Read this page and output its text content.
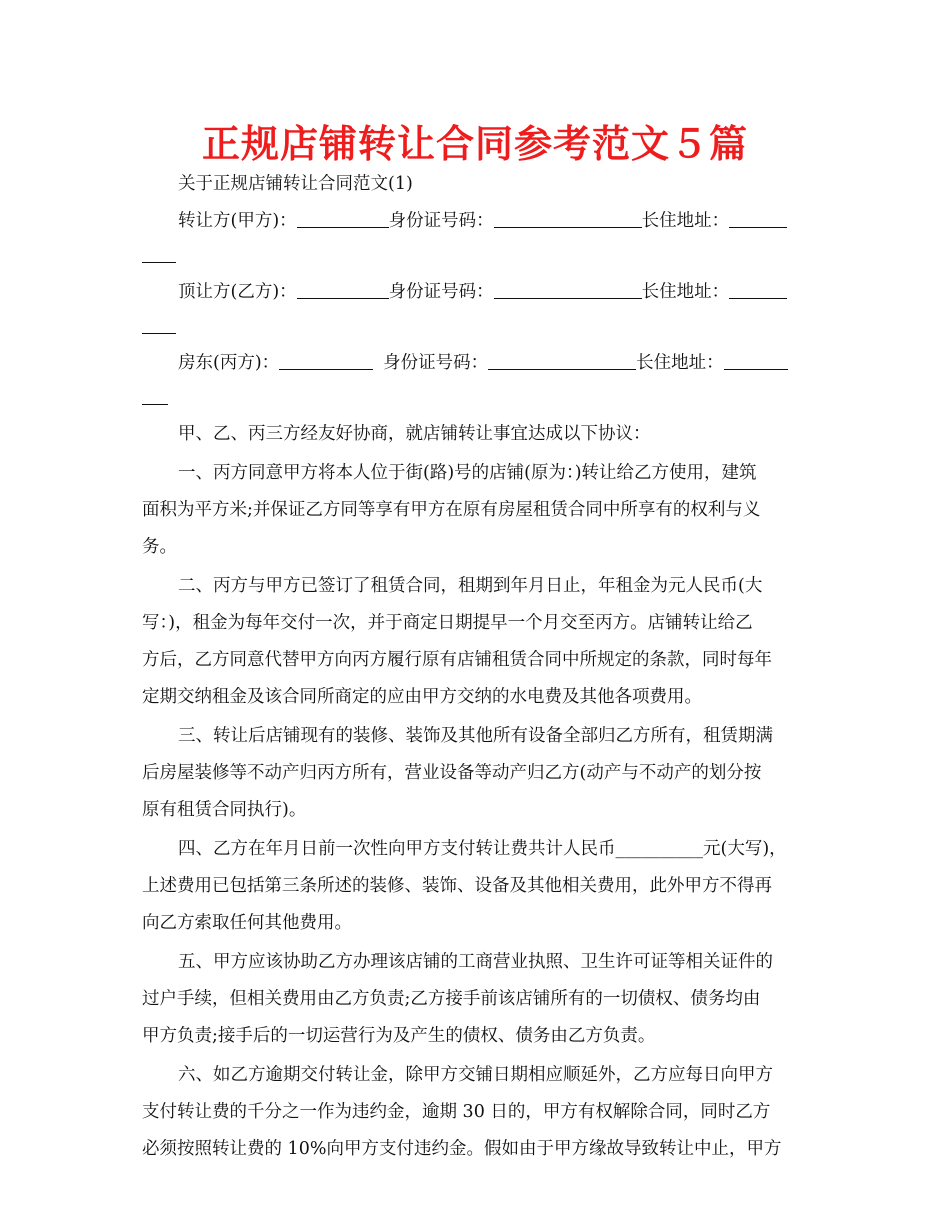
正规店铺转让合同参考范文５篇
关于正规店铺转让合同范文(1)
转让方(甲方)：	身份证号码：	长住地址：
顶让方(乙方)：	身份证号码：	长住地址：
房东(丙方)：	身份证号码：	长住地址：
甲、乙、丙三方经友好协商，就店铺转让事宜达成以下协议：
一、丙方同意甲方将本人位于街(路)号的店铺(原为：)转让给乙方使用，建筑
面积为平方米;并保证乙方同等享有甲方在原有房屋租赁合同中所享有的权利与义
务。
二、丙方与甲方已签订了租赁合同，租期到年月日止，年租金为元人民币(大
写：)，租金为每年交付一次，并于商定日期提早一个月交至丙方。店铺转让给乙
方后，乙方同意代替甲方向丙方履行原有店铺租赁合同中所规定的条款，同时每年
定期交纳租金及该合同所商定的应由甲方交纳的水电费及其他各项费用。
三、转让后店铺现有的装修、装饰及其他所有设备全部归乙方所有，租赁期满
后房屋装修等不动产归丙方所有，营业设备等动产归乙方(动产与不动产的划分按
原有租赁合同执行)。
四、乙方在年月日前一次性向甲方支付转让费共计人民币__________元(大写)，
上述费用已包括第三条所述的装修、装饰、设备及其他相关费用，此外甲方不得再
向乙方索取任何其他费用。
五、甲方应该协助乙方办理该店铺的工商营业执照、卫生许可证等相关证件的
过户手续，但相关费用由乙方负责;乙方接手前该店铺所有的一切债权、债务均由
甲方负责;接手后的一切运营行为及产生的债权、债务由乙方负责。
六、如乙方逾期交付转让金，除甲方交铺日期相应顺延外，乙方应每日向甲方
支付转让费的千分之一作为违约金，逾期 30 日的，甲方有权解除合同，同时乙方
必须按照转让费的 10%向甲方支付违约金。假如由于甲方缘故导致转让中止，甲方
